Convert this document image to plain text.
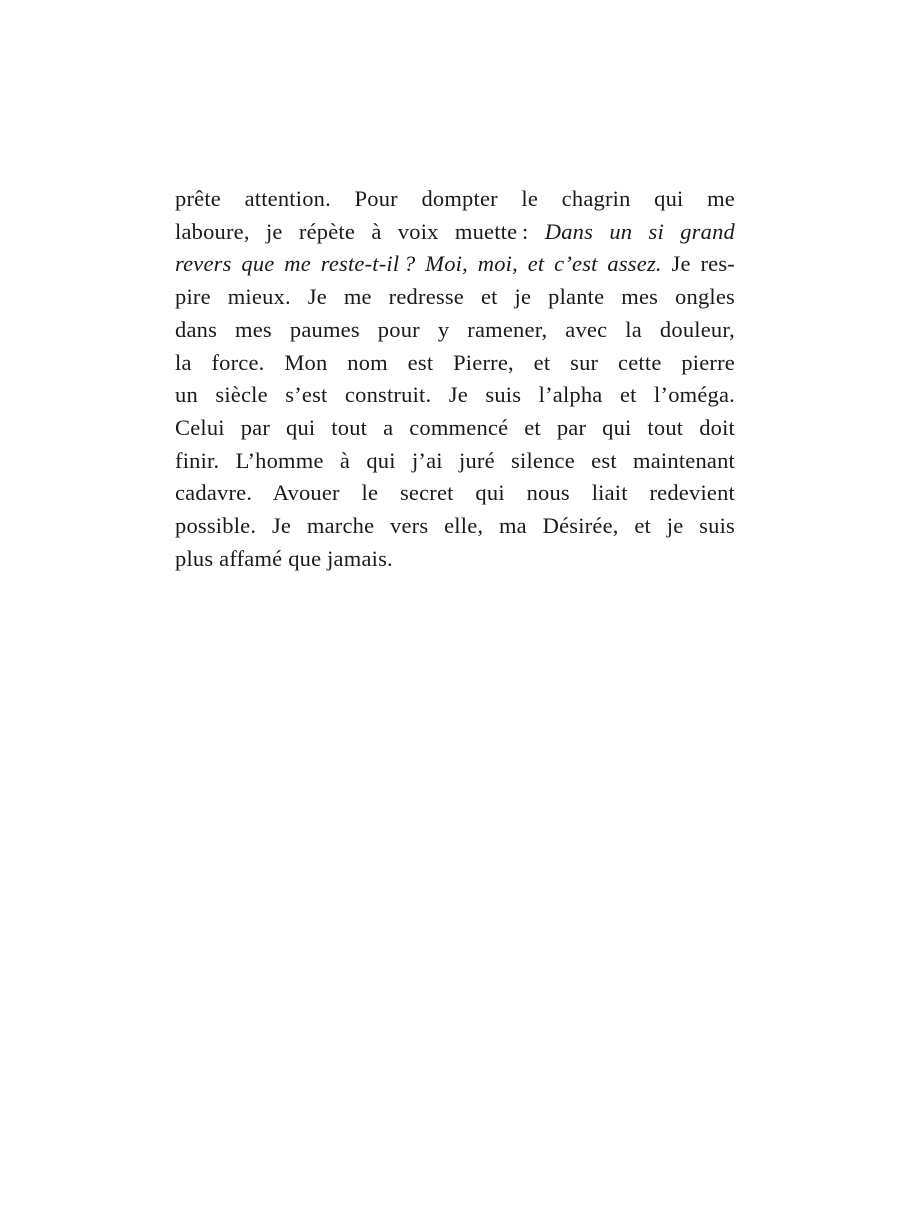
prête attention. Pour dompter le chagrin qui me
laboure, je répète à voix muette : Dans un si grand
revers que me reste-t-il ? Moi, moi, et c’est assez. Je res-
pire mieux. Je me redresse et je plante mes ongles
dans mes paumes pour y ramener, avec la douleur,
la force. Mon nom est Pierre, et sur cette pierre
un siècle s’est construit. Je suis l’alpha et l’oméga.
Celui par qui tout a commencé et par qui tout doit
finir. L’homme à qui j’ai juré silence est maintenant
cadavre. Avouer le secret qui nous liait redevient
possible. Je marche vers elle, ma Désirée, et je suis
plus affamé que jamais.
